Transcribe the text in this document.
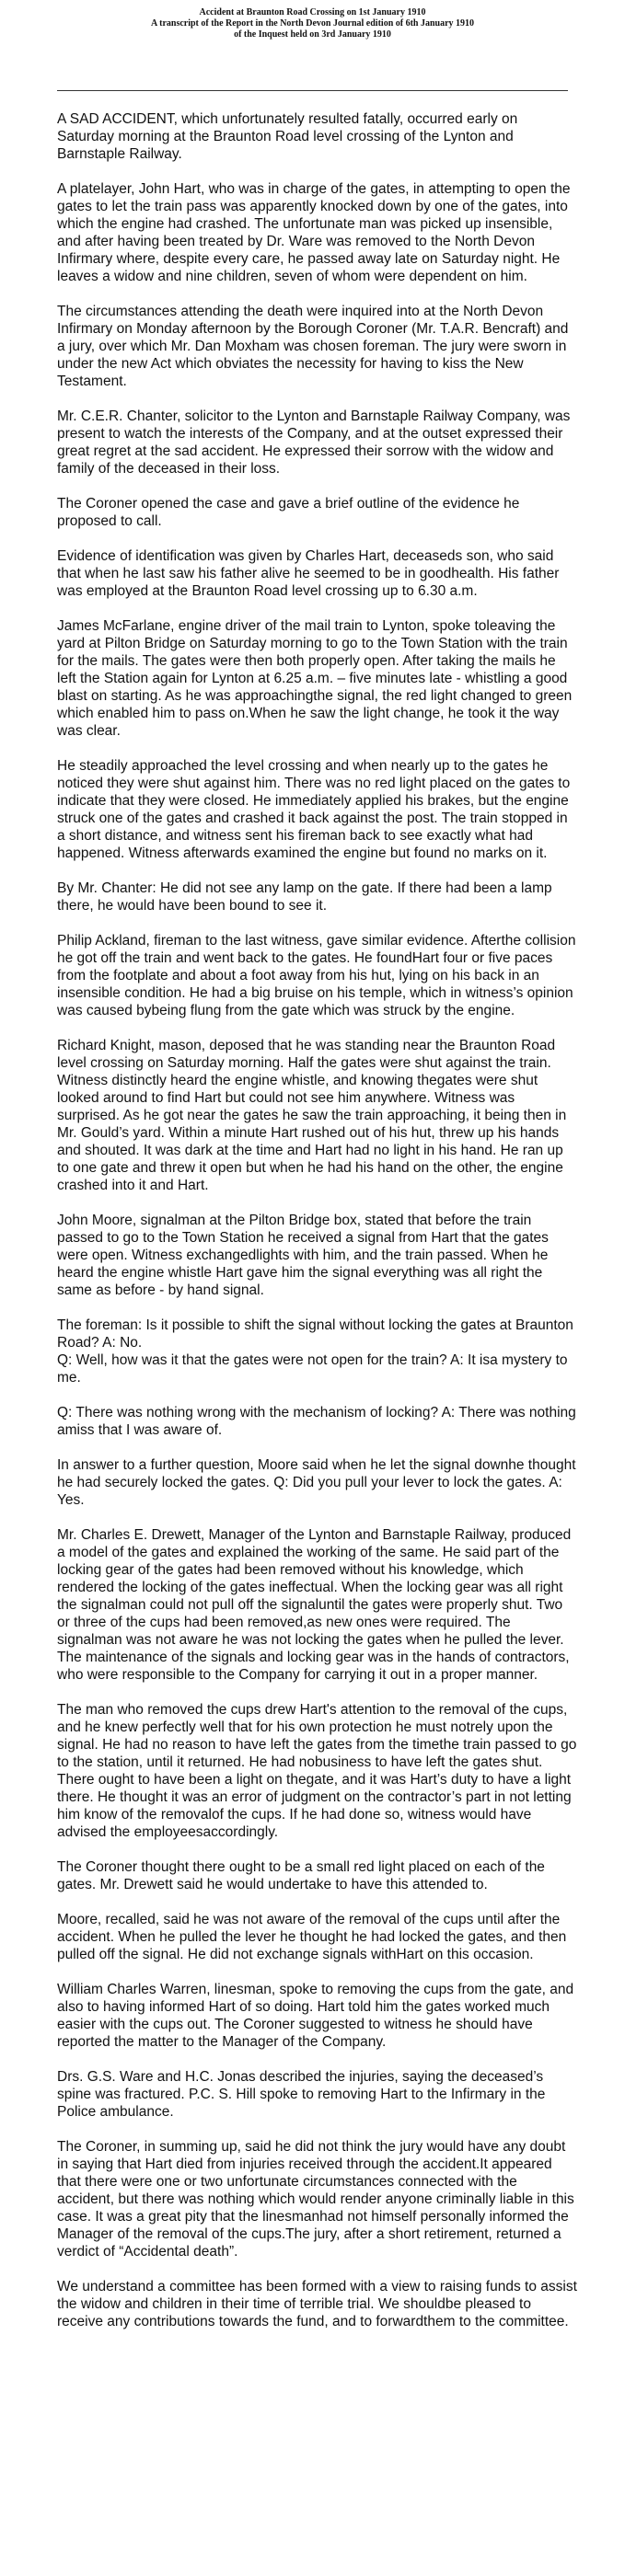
Accident at Braunton Road Crossing on 1st January 1910
A transcript of the Report in the North Devon Journal edition of 6th January 1910
of the Inquest held on 3rd January 1910

A SAD ACCIDENT, which unfortunately resulted fatally, occurred early on Saturday morning at the Braunton Road level crossing of the Lynton and Barnstaple Railway.

A platelayer, John Hart, who was in charge of the gates, in attempting to open the gates to let the train pass was apparently knocked down by one of the gates, into which the engine had crashed. The unfortunate man was picked up insensible, and after having been treated by Dr. Ware was removed to the North Devon Infirmary where, despite every care, he passed away late on Saturday night. He leaves a widow and nine children, seven of whom were dependent on him.

The circumstances attending the death were inquired into at the North Devon Infirmary on Monday afternoon by the Borough Coroner (Mr. T.A.R. Bencraft) and a jury, over which Mr. Dan Moxham was chosen foreman. The jury were sworn in under the new Act which obviates the necessity for having to kiss the New Testament.

Mr. C.E.R. Chanter, solicitor to the Lynton and Barnstaple Railway Company, was present to watch the interests of the Company, and at the outset expressed their great regret at the sad accident. He expressed their sorrow with the widow and family of the deceased in their loss.

The Coroner opened the case and gave a brief outline of the evidence he proposed to call.

Evidence of identification was given by Charles Hart, deceaseds son, who said that when he last saw his father alive he seemed to be in goodhealth. His father was employed at the Braunton Road level crossing up to 6.30 a.m.

James McFarlane, engine driver of the mail train to Lynton, spoke toleaving the yard at Pilton Bridge on Saturday morning to go to the Town Station with the train for the mails. The gates were then both properly open. After taking the mails he left the Station again for Lynton at 6.25 a.m. – five minutes late - whistling a good blast on starting. As he was approachingthe signal, the red light changed to green which enabled him to pass on.When he saw the light change, he took it the way was clear.

He steadily approached the level crossing and when nearly up to the gates he noticed they were shut against him. There was no red light placed on the gates to indicate that they were closed. He immediately applied his brakes, but the engine struck one of the gates and crashed it back against the post. The train stopped in a short distance, and witness sent his fireman back to see exactly what had happened. Witness afterwards examined the engine but found no marks on it.

By Mr. Chanter: He did not see any lamp on the gate. If there had been a lamp there, he would have been bound to see it.

Philip Ackland, fireman to the last witness, gave similar evidence. Afterthe collision he got off the train and went back to the gates. He foundHart four or five paces from the footplate and about a foot away from his hut, lying on his back in an insensible condition. He had a big bruise on his temple, which in witness’s opinion was caused bybeing flung from the gate which was struck by the engine.

Richard Knight, mason, deposed that he was standing near the Braunton Road level crossing on Saturday morning. Half the gates were shut against the train. Witness distinctly heard the engine whistle, and knowing thegates were shut looked around to find Hart but could not see him anywhere. Witness was surprised. As he got near the gates he saw the train approaching, it being then in Mr. Gould’s yard. Within a minute Hart rushed out of his hut, threw up his hands and shouted. It was dark at the time and Hart had no light in his hand. He ran up to one gate and threw it open but when he had his hand on the other, the engine crashed into it and Hart.

John Moore, signalman at the Pilton Bridge box, stated that before the train passed to go to the Town Station he received a signal from Hart that the gates were open. Witness exchangedlights with him, and the train passed. When he heard the engine whistle Hart gave him the signal everything was all right the same as before - by hand signal.

The foreman: Is it possible to shift the signal without locking the gates at Braunton Road? A: No.
Q: Well, how was it that the gates were not open for the train? A: It isa mystery to me.

Q: There was nothing wrong with the mechanism of locking? A: There was nothing amiss that I was aware of.

In answer to a further question, Moore said when he let the signal downhe thought he had securely locked the gates. Q: Did you pull your lever to lock the gates. A: Yes.

Mr. Charles E. Drewett, Manager of the Lynton and Barnstaple Railway, produced a model of the gates and explained the working of the same. He said part of the locking gear of the gates had been removed without his knowledge, which rendered the locking of the gates ineffectual. When the locking gear was all right the signalman could not pull off the signaluntil the gates were properly shut. Two or three of the cups had been removed,as new ones were required. The signalman was not aware he was not locking the gates when he pulled the lever. The maintenance of the signals and locking gear was in the hands of contractors, who were responsible to the Company for carrying it out in a proper manner.

The man who removed the cups drew Hart's attention to the removal of the cups, and he knew perfectly well that for his own protection he must notrely upon the signal. He had no reason to have left the gates from the timethe train passed to go to the station, until it returned. He had nobusiness to have left the gates shut. There ought to have been a light on thegate, and it was Hart’s duty to have a light there. He thought it was an error of judgment on the contractor’s part in not letting him know of the removalof the cups. If he had done so, witness would have advised the employeesaccordingly.

The Coroner thought there ought to be a small red light placed on each of the gates. Mr. Drewett said he would undertake to have this attended to.

Moore, recalled, said he was not aware of the removal of the cups until after the accident. When he pulled the lever he thought he had locked the gates, and then pulled off the signal. He did not exchange signals withHart on this occasion.

William Charles Warren, linesman, spoke to removing the cups from the gate, and also to having informed Hart of so doing. Hart told him the gates worked much easier with the cups out. The Coroner suggested to witness he should have reported the matter to the Manager of the Company.

Drs. G.S. Ware and H.C. Jonas described the injuries, saying the deceased’s spine was fractured. P.C. S. Hill spoke to removing Hart to the Infirmary in the Police ambulance.

The Coroner, in summing up, said he did not think the jury would have any doubt in saying that Hart died from injuries received through the accident.It appeared that there were one or two unfortunate circumstances connected with the accident, but there was nothing which would render anyone criminally liable in this case. It was a great pity that the linesmanhad not himself personally informed the Manager of the removal of the cups.The jury, after a short retirement, returned a verdict of “Accidental death”.

We understand a committee has been formed with a view to raising funds to assist the widow and children in their time of terrible trial. We shouldbe pleased to receive any contributions towards the fund, and to forwardthem to the committee.
